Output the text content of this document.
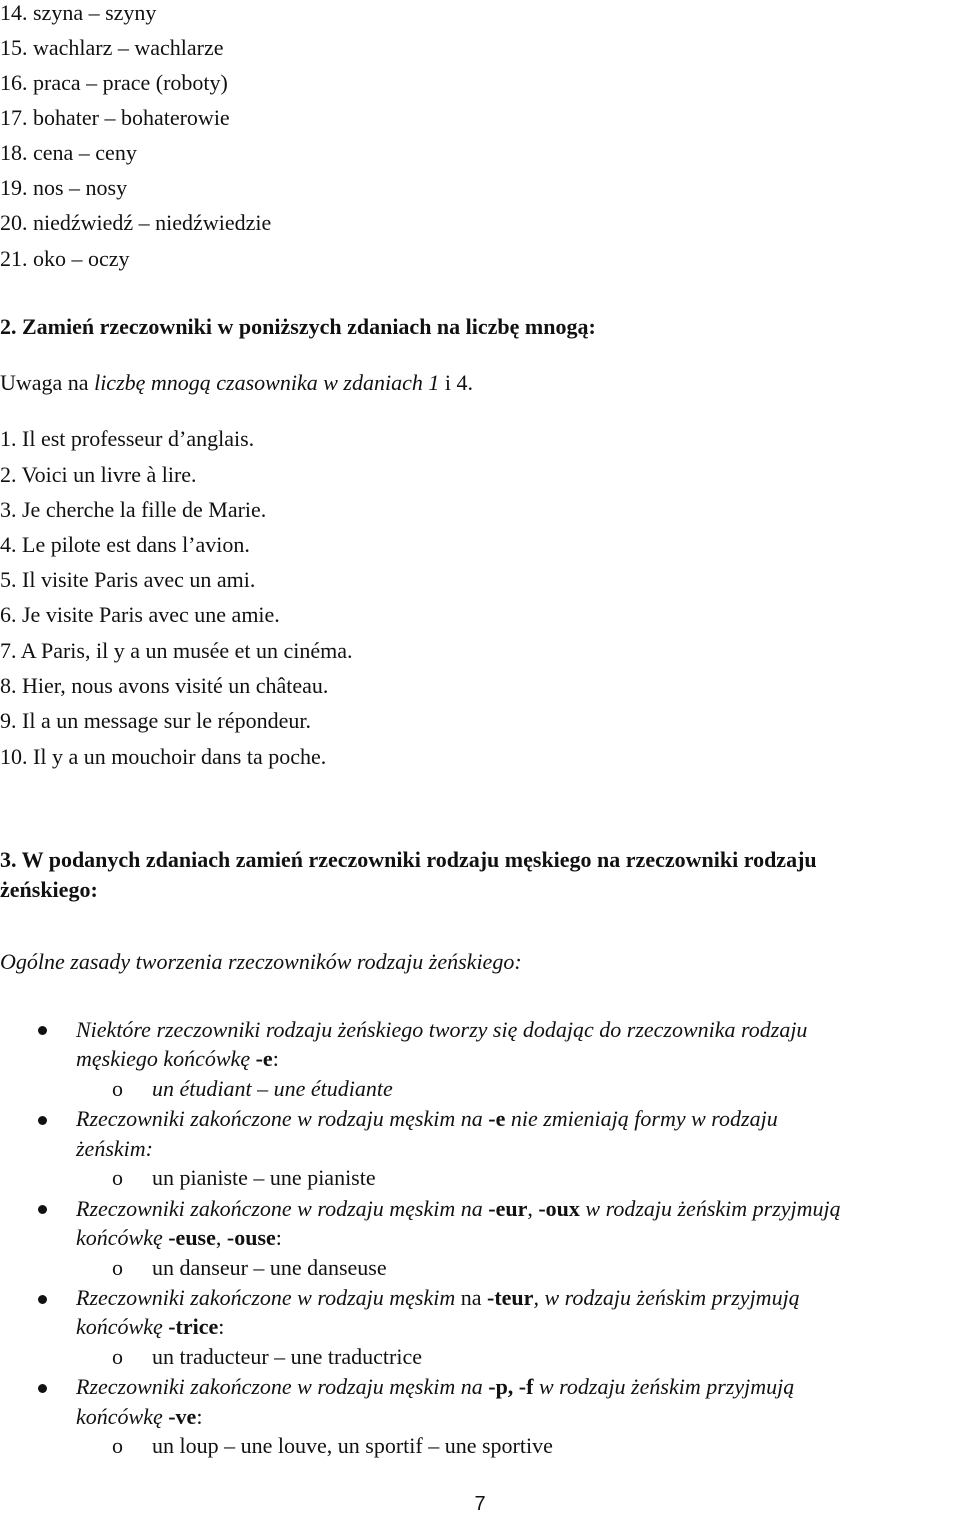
14. szyna – szyny
15. wachlarz – wachlarze
16. praca – prace (roboty)
17. bohater – bohaterowie
18. cena – ceny
19. nos – nosy
20. niedźwiedź – niedźwiedzie
21. oko – oczy
2. Zamień rzeczowniki w poniższych zdaniach na liczbę mnogą:
Uwaga na liczbę mnogą czasownika w zdaniach 1 i 4.
1. Il est professeur d’anglais.
2. Voici un livre à lire.
3. Je cherche la fille de Marie.
4. Le pilote est dans l’avion.
5. Il visite Paris avec un ami.
6. Je visite Paris avec une amie.
7. A Paris, il y a un musée et un cinéma.
8. Hier, nous avons visité un château.
9. Il a un message sur le répondeur.
10. Il y a un mouchoir dans ta poche.
3. W podanych zdaniach zamień rzeczowniki rodzaju męskiego na rzeczowniki rodzaju
żeńskiego:
Ogólne zasady tworzenia rzeczowników rodzaju żeńskiego:
Niektóre rzeczowniki rodzaju żeńskiego tworzy się dodając do rzeczownika rodzaju
męskiego końcówkę -e:
o un étudiant – une étudiante
Rzeczowniki zakończone w rodzaju męskim na -e nie zmieniają formy w rodzaju
żeńskim:
o un pianiste – une pianiste
Rzeczowniki zakończone w rodzaju męskim na -eur, -oux w rodzaju żeńskim przyjmują
końcówkę -euse, -ouse:
o un danseur – une danseuse
Rzeczowniki zakończone w rodzaju męskim na -teur, w rodzaju żeńskim przyjmują
końcówkę -trice:
o un traducteur – une traductrice
Rzeczowniki zakończone w rodzaju męskim na -p, -f w rodzaju żeńskim przyjmują
końcówkę -ve:
o un loup – une louve, un sportif – une sportive
7
